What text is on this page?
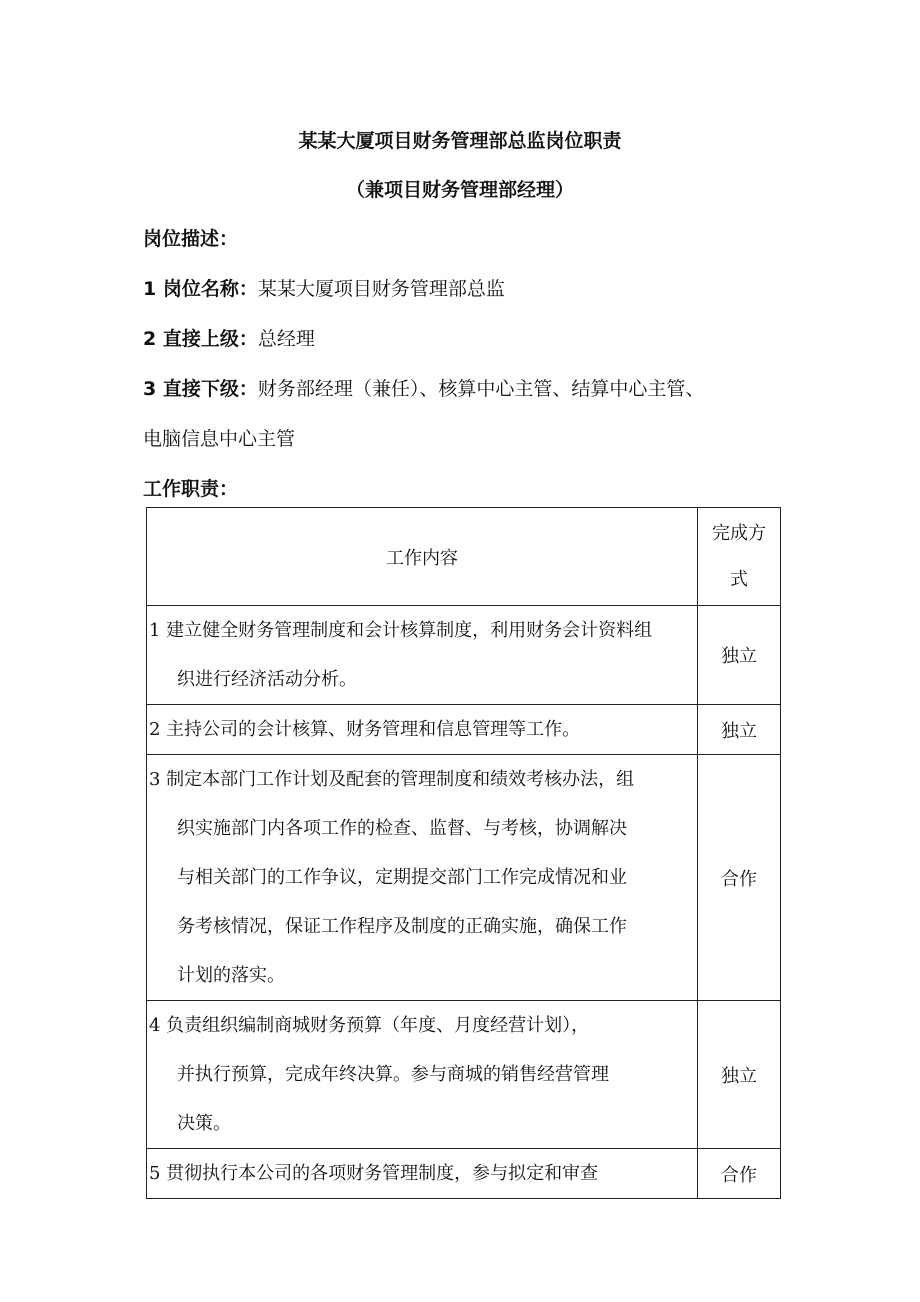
某某大厦项目财务管理部总监岗位职责
（兼项目财务管理部经理）
岗位描述：
1 岗位名称：某某大厦项目财务管理部总监
2 直接上级：总经理
3 直接下级：财务部经理（兼任）、核算中心主管、结算中心主管、
电脑信息中心主管
工作职责：
工作内容	完成方
式

1 建立健全财务管理制度和会计核算制度，利用财务会计资料组
织进行经济活动分析。	独立

2 主持公司的会计核算、财务管理和信息管理等工作。	独立

3 制定本部门工作计划及配套的管理制度和绩效考核办法，组
织实施部门内各项工作的检查、监督、与考核，协调解决
与相关部门的工作争议，定期提交部门工作完成情况和业
务考核情况，保证工作程序及制度的正确实施，确保工作
计划的落实。	合作

4 负责组织编制商城财务预算（年度、月度经营计划），
并执行预算，完成年终决算。参与商城的销售经营管理
决策。	独立

5 贯彻执行本公司的各项财务管理制度，参与拟定和审查	合作
